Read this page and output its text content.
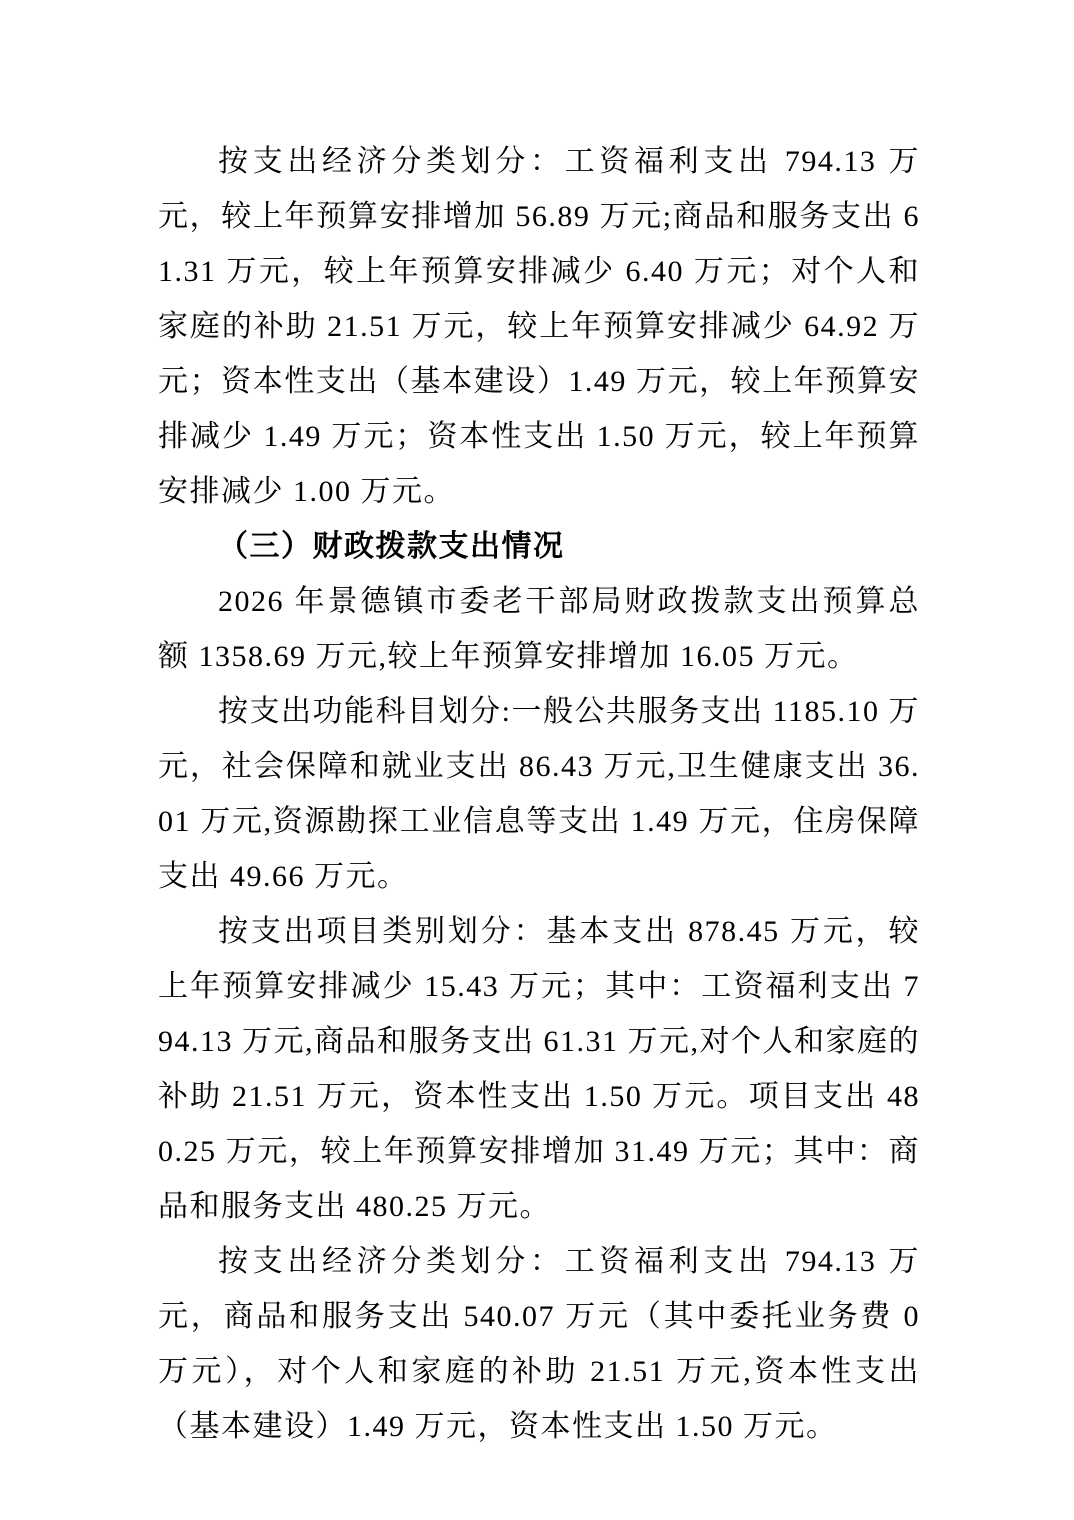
按支出经济分类划分：工资福利支出 794.13 万元，较上年预算安排增加 56.89 万元;商品和服务支出 61.31 万元，较上年预算安排减少 6.40 万元；对个人和家庭的补助 21.51 万元，较上年预算安排减少 64.92 万元；资本性支出（基本建设）1.49 万元，较上年预算安排减少 1.49 万元；资本性支出 1.50 万元，较上年预算安排减少 1.00 万元。

（三）财政拨款支出情况

2026 年景德镇市委老干部局财政拨款支出预算总额 1358.69 万元,较上年预算安排增加 16.05 万元。

按支出功能科目划分:一般公共服务支出 1185.10 万元，社会保障和就业支出 86.43 万元,卫生健康支出 36.01 万元,资源勘探工业信息等支出 1.49 万元，住房保障支出 49.66 万元。

按支出项目类别划分：基本支出 878.45 万元，较上年预算安排减少 15.43 万元；其中：工资福利支出 794.13 万元,商品和服务支出 61.31 万元,对个人和家庭的补助 21.51 万元，资本性支出 1.50 万元。项目支出 480.25 万元，较上年预算安排增加 31.49 万元；其中：商品和服务支出 480.25 万元。

按支出经济分类划分：工资福利支出 794.13 万元，商品和服务支出 540.07 万元（其中委托业务费 0 万元），对个人和家庭的补助 21.51 万元,资本性支出（基本建设）1.49 万元，资本性支出 1.50 万元。
